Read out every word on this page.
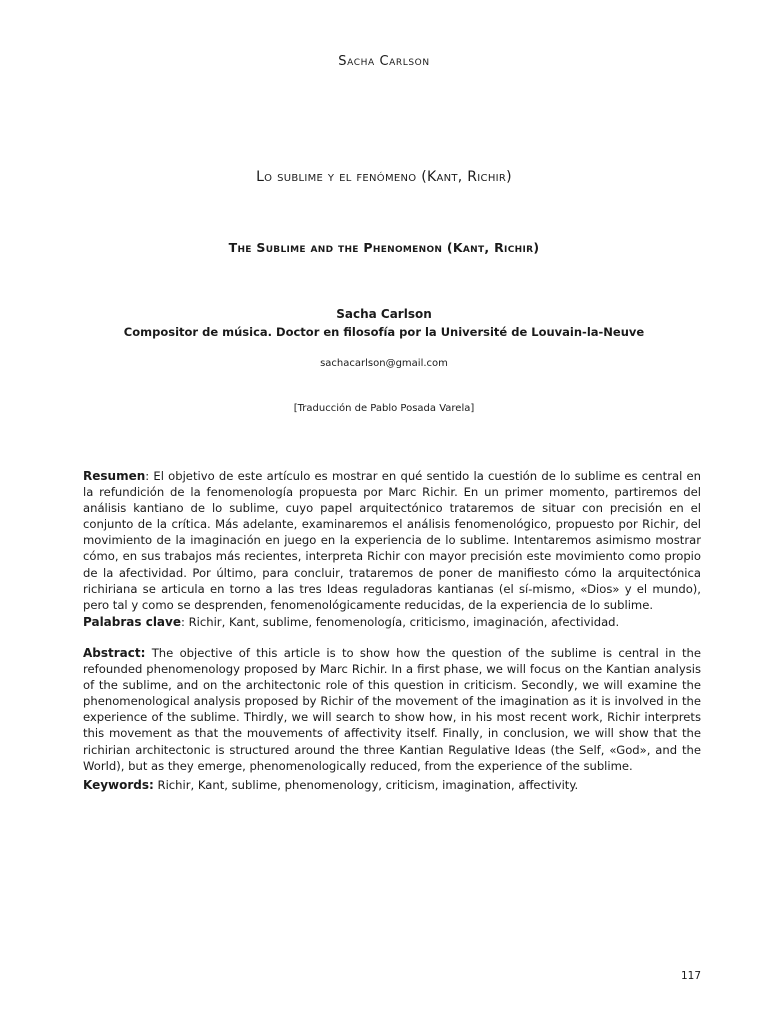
Sacha Carlson
Lo sublime y el fenómeno (Kant, Richir)
The Sublime and the Phenomenon (Kant, Richir)
Sacha Carlson
Compositor de música. Doctor en filosofía por la Université de Louvain-la-Neuve
sachacarlson@gmail.com
[Traducción de Pablo Posada Varela]
Resumen: El objetivo de este artículo es mostrar en qué sentido la cuestión de lo sublime es central en la refundición de la fenomenología propuesta por Marc Richir. En un primer momento, partiremos del análisis kantiano de lo sublime, cuyo papel arquitectónico trataremos de situar con precisión en el conjunto de la crítica. Más adelante, examinaremos el análisis fenomenológico, propuesto por Richir, del movimiento de la imaginación en juego en la experiencia de lo sublime. Intentaremos asimismo mostrar cómo, en sus trabajos más recientes, interpreta Richir con mayor precisión este movimiento como propio de la afectividad. Por último, para concluir, trataremos de poner de manifiesto cómo la arquitectónica richiriana se articula en torno a las tres Ideas reguladoras kantianas (el sí-mismo, «Dios» y el mundo), pero tal y como se desprenden, fenomenológicamente reducidas, de la experiencia de lo sublime.
Palabras clave: Richir, Kant, sublime, fenomenología, criticismo, imaginación, afectividad.
Abstract: The objective of this article is to show how the question of the sublime is central in the refounded phenomenology proposed by Marc Richir. In a first phase, we will focus on the Kantian analysis of the sublime, and on the architectonic role of this question in criticism. Secondly, we will examine the phenomenological analysis proposed by Richir of the movement of the imagination as it is involved in the experience of the sublime. Thirdly, we will search to show how, in his most recent work, Richir interprets this movement as that the mouvements of affectivity itself. Finally, in conclusion, we will show that the richirian architectonic is structured around the three Kantian Regulative Ideas (the Self, «God», and the World), but as they emerge, phenomenologically reduced, from the experience of the sublime.
Keywords: Richir, Kant, sublime, phenomenology, criticism, imagination, affectivity.
117
